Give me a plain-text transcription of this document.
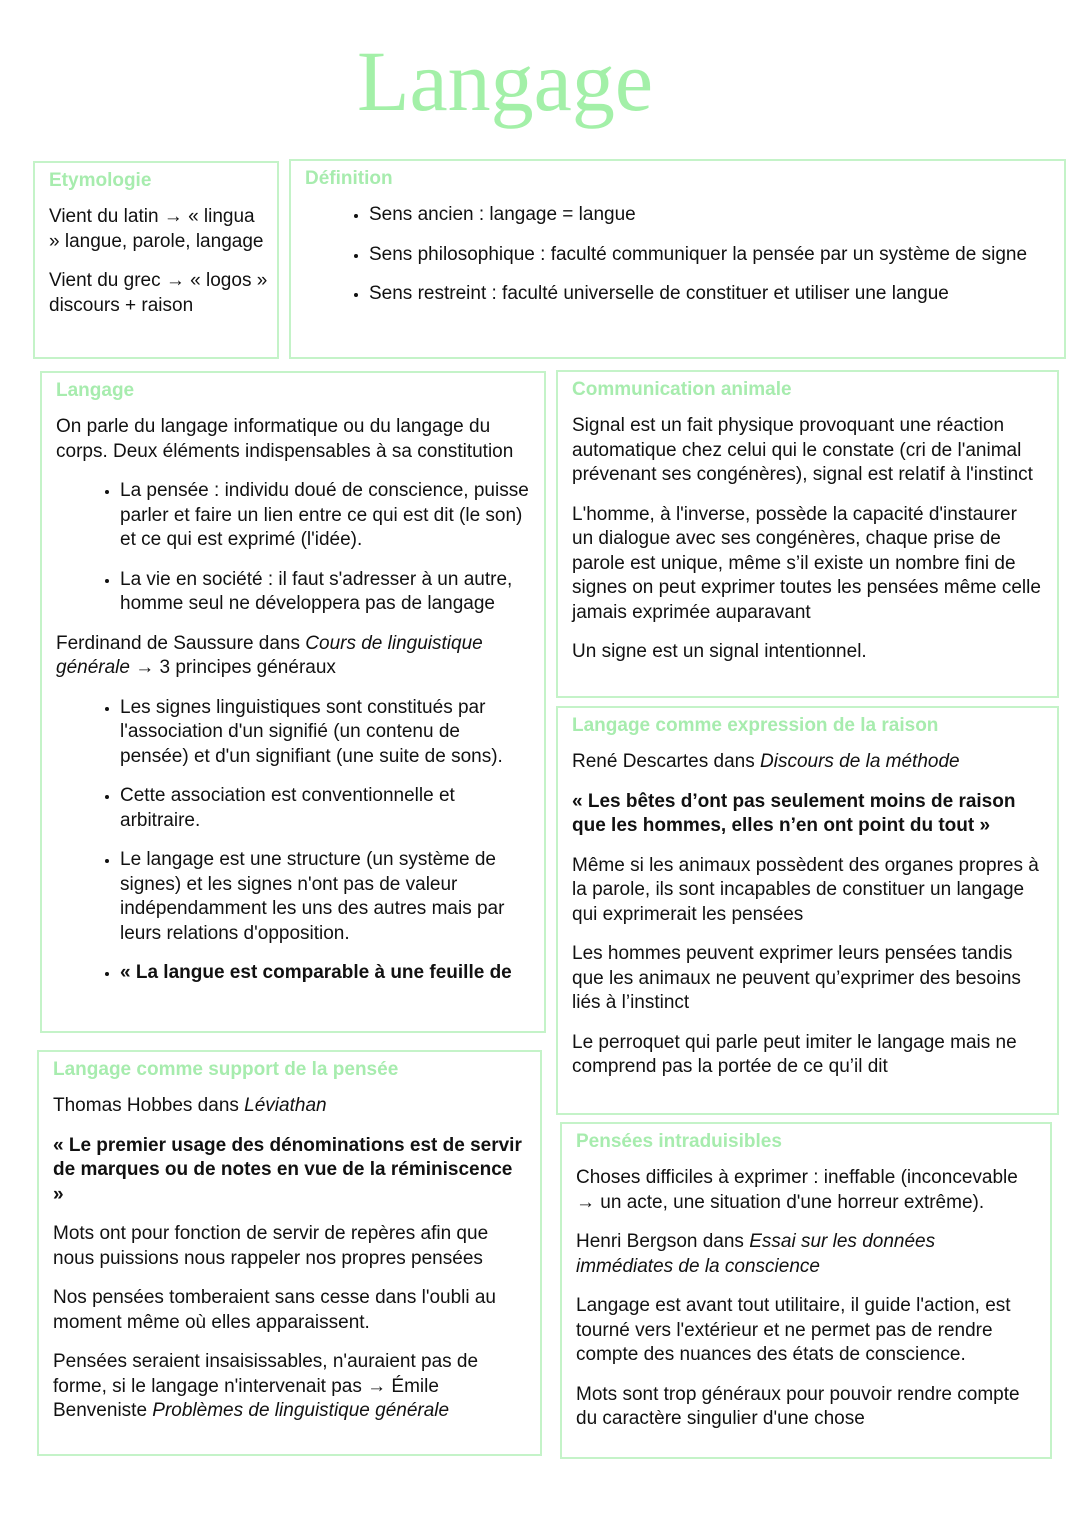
Langage
Etymologie
Vient du latin → « lingua » langue, parole, langage
Vient du grec → « logos » discours + raison
Définition
• Sens ancien : langage = langue
• Sens philosophique : faculté communiquer la pensée par un système de signe
• Sens restreint : faculté universelle de constituer et utiliser une langue
Langage
On parle du langage informatique ou du langage du corps. Deux éléments indispensables à sa constitution
• La pensée : individu doué de conscience, puisse parler et faire un lien entre ce qui est dit (le son) et ce qui est exprimé (l'idée).
• La vie en société : il faut s'adresser à un autre, homme seul ne développera pas de langage
Ferdinand de Saussure dans Cours de linguistique générale → 3 principes généraux
• Les signes linguistiques sont constitués par l'association d'un signifié (un contenu de pensée) et d'un signifiant (une suite de sons).
• Cette association est conventionnelle et arbitraire.
• Le langage est une structure (un système de signes) et les signes n'ont pas de valeur indépendamment les uns des autres mais par leurs relations d'opposition.
• « La langue est comparable à une feuille de
Communication animale
Signal est un fait physique provoquant une réaction automatique chez celui qui le constate (cri de l'animal prévenant ses congénères), signal est relatif à l'instinct
L'homme, à l'inverse, possède la capacité d'instaurer un dialogue avec ses congénères, chaque prise de parole est unique, même s’il existe un nombre fini de signes on peut exprimer toutes les pensées même celle jamais exprimée auparavant
Un signe est un signal intentionnel.
Langage comme expression de la raison
René Descartes dans Discours de la méthode
« Les bêtes d’ont pas seulement moins de raison que les hommes, elles n’en ont point du tout »
Même si les animaux possèdent des organes propres à la parole, ils sont incapables de constituer un langage qui exprimerait les pensées
Les hommes peuvent exprimer leurs pensées tandis que les animaux ne peuvent qu’exprimer des besoins liés à l’instinct
Le perroquet qui parle peut imiter le langage mais ne comprend pas la portée de ce qu’il dit
Langage comme support de la pensée
Thomas Hobbes dans Léviathan
« Le premier usage des dénominations est de servir de marques ou de notes en vue de la réminiscence »
Mots ont pour fonction de servir de repères afin que nous puissions nous rappeler nos propres pensées
Nos pensées tomberaient sans cesse dans l'oubli au moment même où elles apparaissent.
Pensées seraient insaisissables, n'auraient pas de forme, si le langage n'intervenait pas → Émile Benveniste Problèmes de linguistique générale
Pensées intraduisibles
Choses difficiles à exprimer : ineffable (inconcevable → un acte, une situation d'une horreur extrême).
Henri Bergson dans Essai sur les données immédiates de la conscience
Langage est avant tout utilitaire, il guide l'action, est tourné vers l'extérieur et ne permet pas de rendre compte des nuances des états de conscience.
Mots sont trop généraux pour pouvoir rendre compte du caractère singulier d'une chose
